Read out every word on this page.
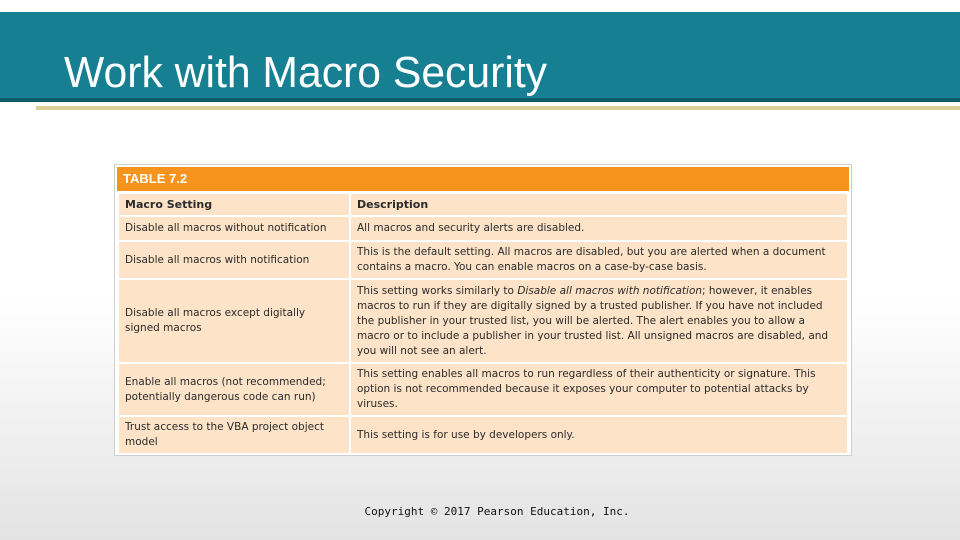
Work with Macro Security
TABLE 7.2
Macro Setting	Description
Disable all macros without notification	All macros and security alerts are disabled.
Disable all macros with notification	This is the default setting. All macros are disabled, but you are alerted when a document contains a macro. You can enable macros on a case-by-case basis.
Disable all macros except digitally signed macros	This setting works similarly to Disable all macros with notification; however, it enables macros to run if they are digitally signed by a trusted publisher. If you have not included the publisher in your trusted list, you will be alerted. The alert enables you to allow a macro or to include a publisher in your trusted list. All unsigned macros are disabled, and you will not see an alert.
Enable all macros (not recommended; potentially dangerous code can run)	This setting enables all macros to run regardless of their authenticity or signature. This option is not recommended because it exposes your computer to potential attacks by viruses.
Trust access to the VBA project object model	This setting is for use by developers only.
Copyright © 2017 Pearson Education, Inc.
